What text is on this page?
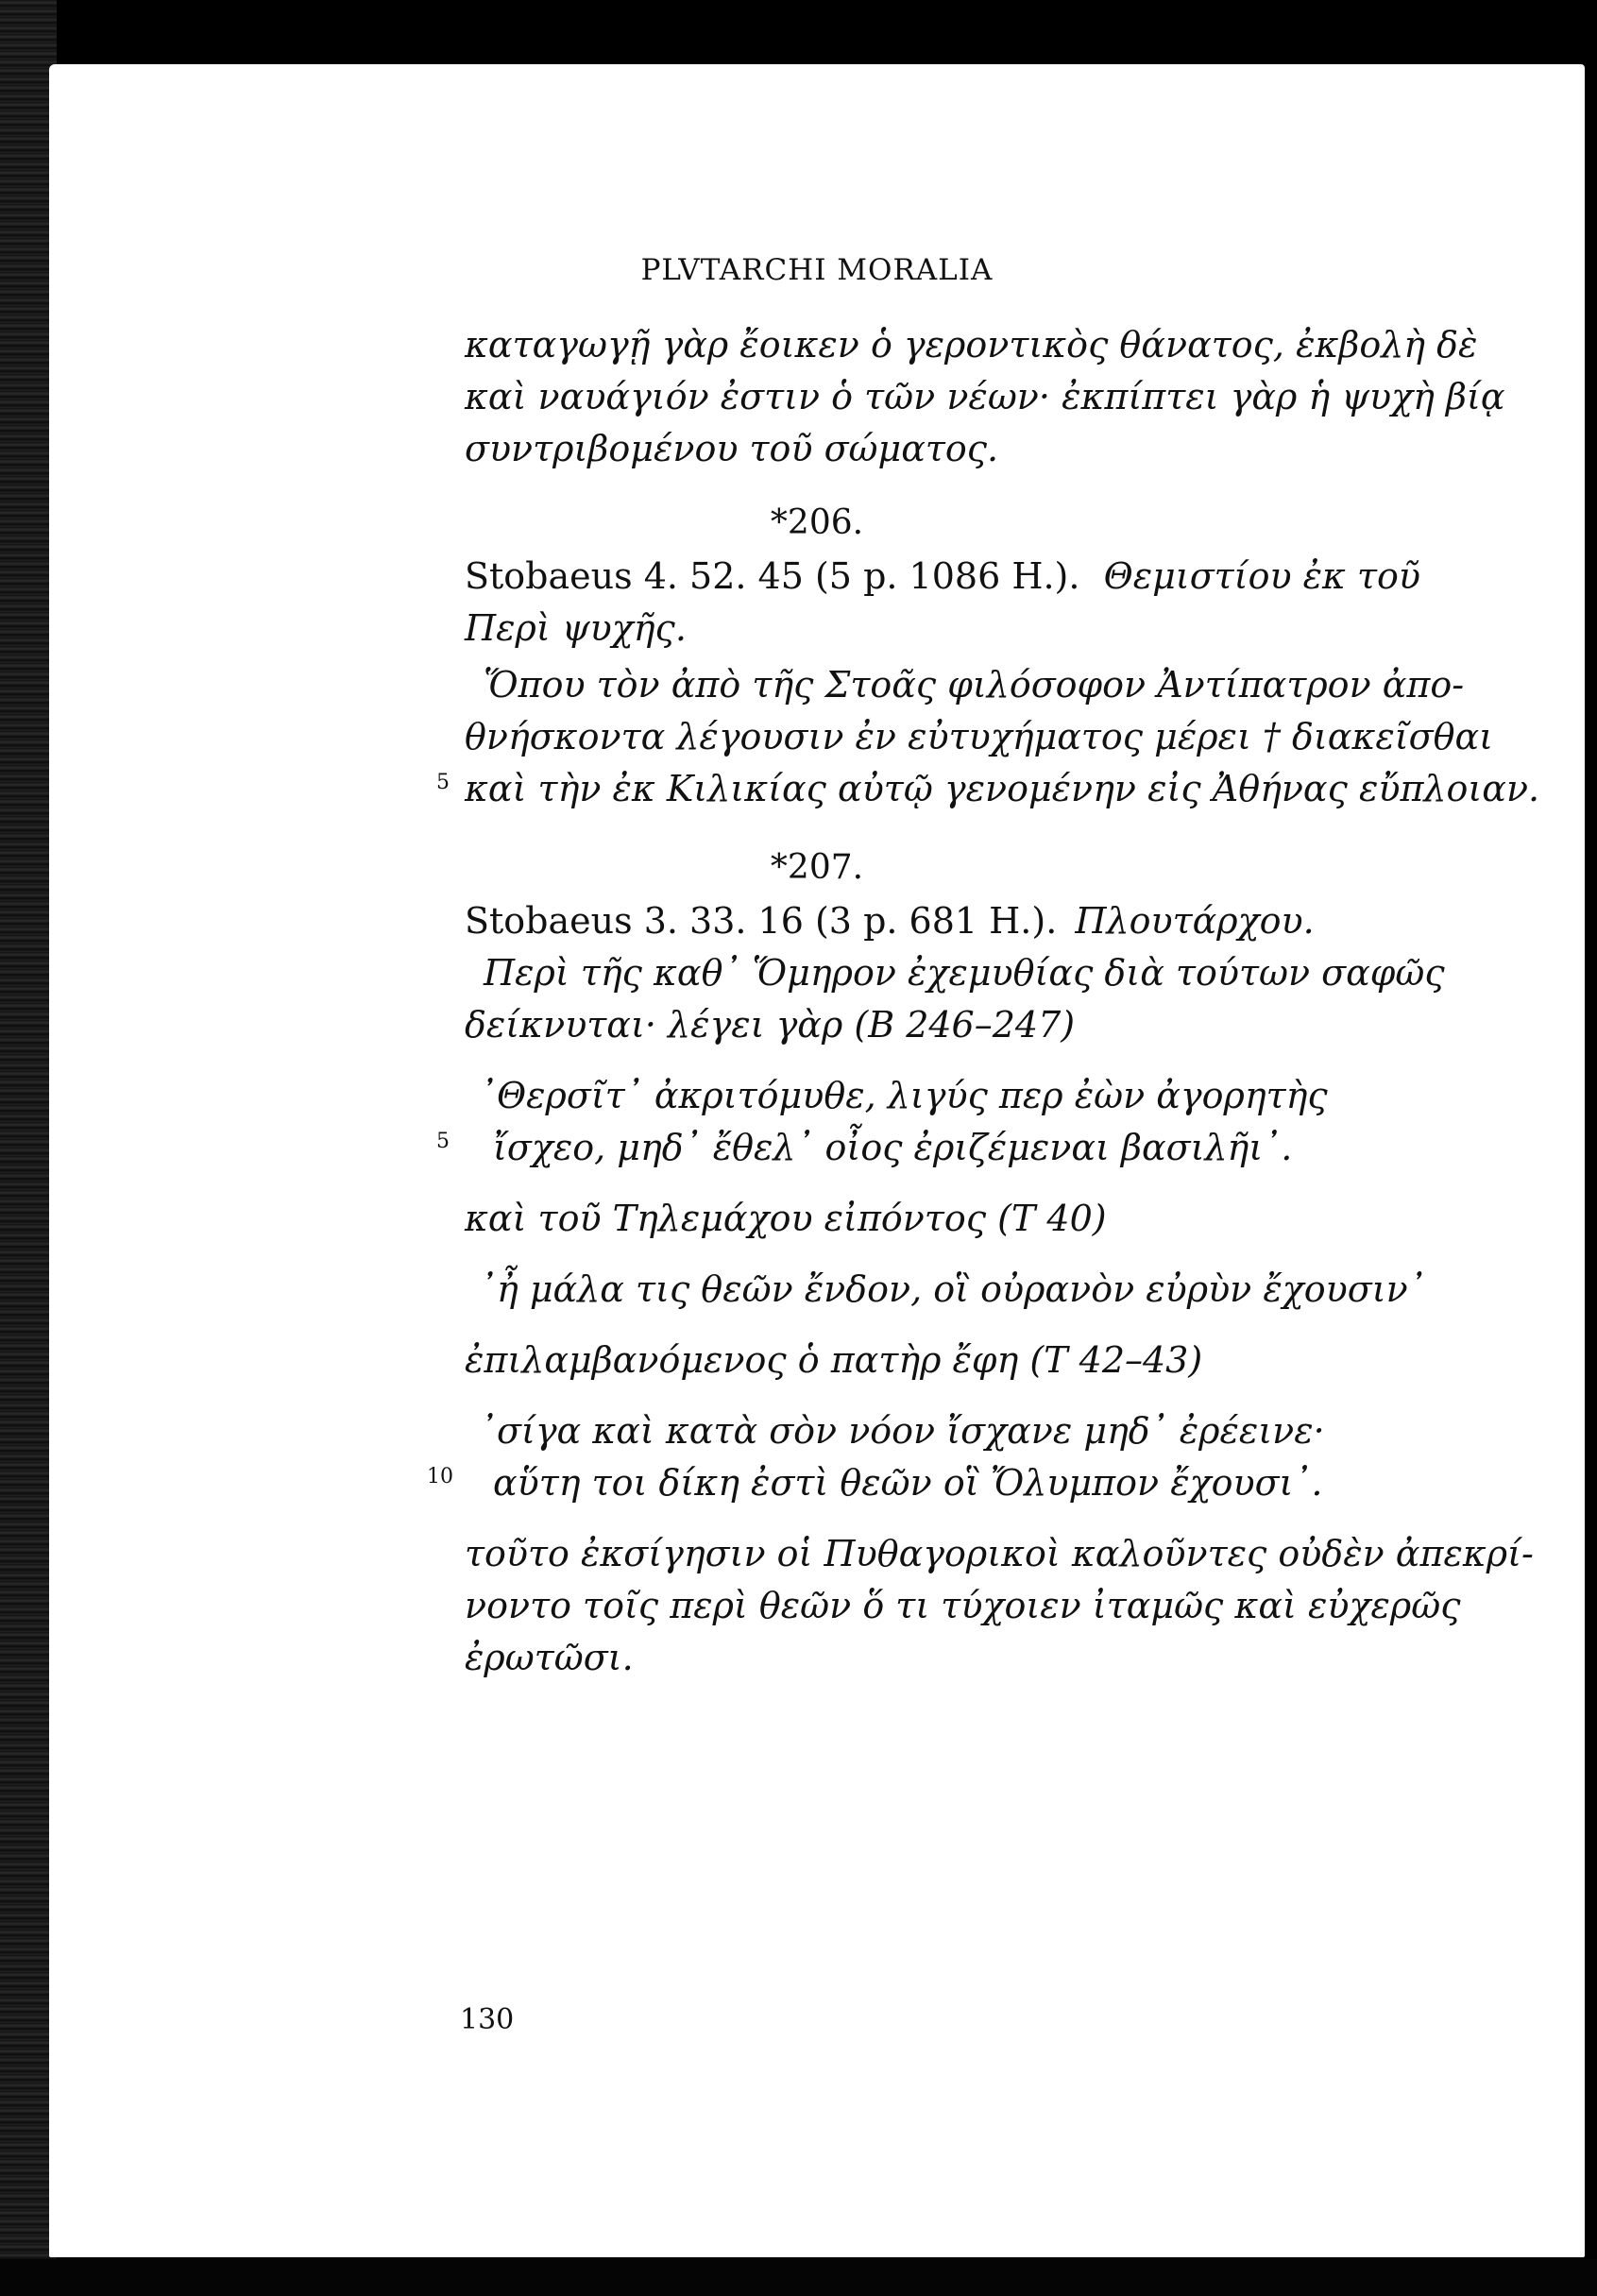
PLVTARCHI MORALIA
καταγωγῇ γὰρ ἔοικεν ὁ γεροντικὸς θάνατος, ἐκβολὴ δὲ
καὶ ναυάγιόν ἐστιν ὁ τῶν νέων· ἐκπίπτει γὰρ ἡ ψυχὴ βίᾳ
συντριβομένου τοῦ σώματος.
*206.
Stobaeus 4. 52. 45 (5 p. 1086 H.). Θεμιστίου ἐκ τοῦ
Περὶ ψυχῆς.
Ὅπου τὸν ἀπὸ τῆς Στοᾶς φιλόσοφον Ἀντίπατρον ἀπο-
θνήσκοντα λέγουσιν ἐν εὐτυχήματος μέρει † διακεῖσθαι
5 καὶ τὴν ἐκ Κιλικίας αὐτῷ γενομένην εἰς Ἀθήνας εὔπλοιαν.
*207.
Stobaeus 3. 33. 16 (3 p. 681 H.). Πλουτάρχου.
Περὶ τῆς καθ᾽ Ὅμηρον ἐχεμυθίας διὰ τούτων σαφῶς
δείκνυται· λέγει γὰρ (Β 246–247)
᾽Θερσῖτ᾽ ἀκριτόμυθε, λιγύς περ ἐὼν ἀγορητὴς
5 ἴσχεο, μηδ᾽ ἔθελ᾽ οἶος ἐριζέμεναι βασιλῆι᾽.
καὶ τοῦ Τηλεμάχου εἰπόντος (Τ 40)
᾽ἦ μάλα τις θεῶν ἔνδον, οἳ οὐρανὸν εὐρὺν ἔχουσιν᾽
ἐπιλαμβανόμενος ὁ πατὴρ ἔφη (Τ 42–43)
᾽σίγα καὶ κατὰ σὸν νόον ἴσχανε μηδ᾽ ἐρέεινε·
10 αὕτη τοι δίκη ἐστὶ θεῶν οἳ Ὄλυμπον ἔχουσι᾽.
τοῦτο ἐκσίγησιν οἱ Πυθαγορικοὶ καλοῦντες οὐδὲν ἀπεκρί-
νοντο τοῖς περὶ θεῶν ὅ τι τύχοιεν ἰταμῶς καὶ εὐχερῶς
ἐρωτῶσι.
130
